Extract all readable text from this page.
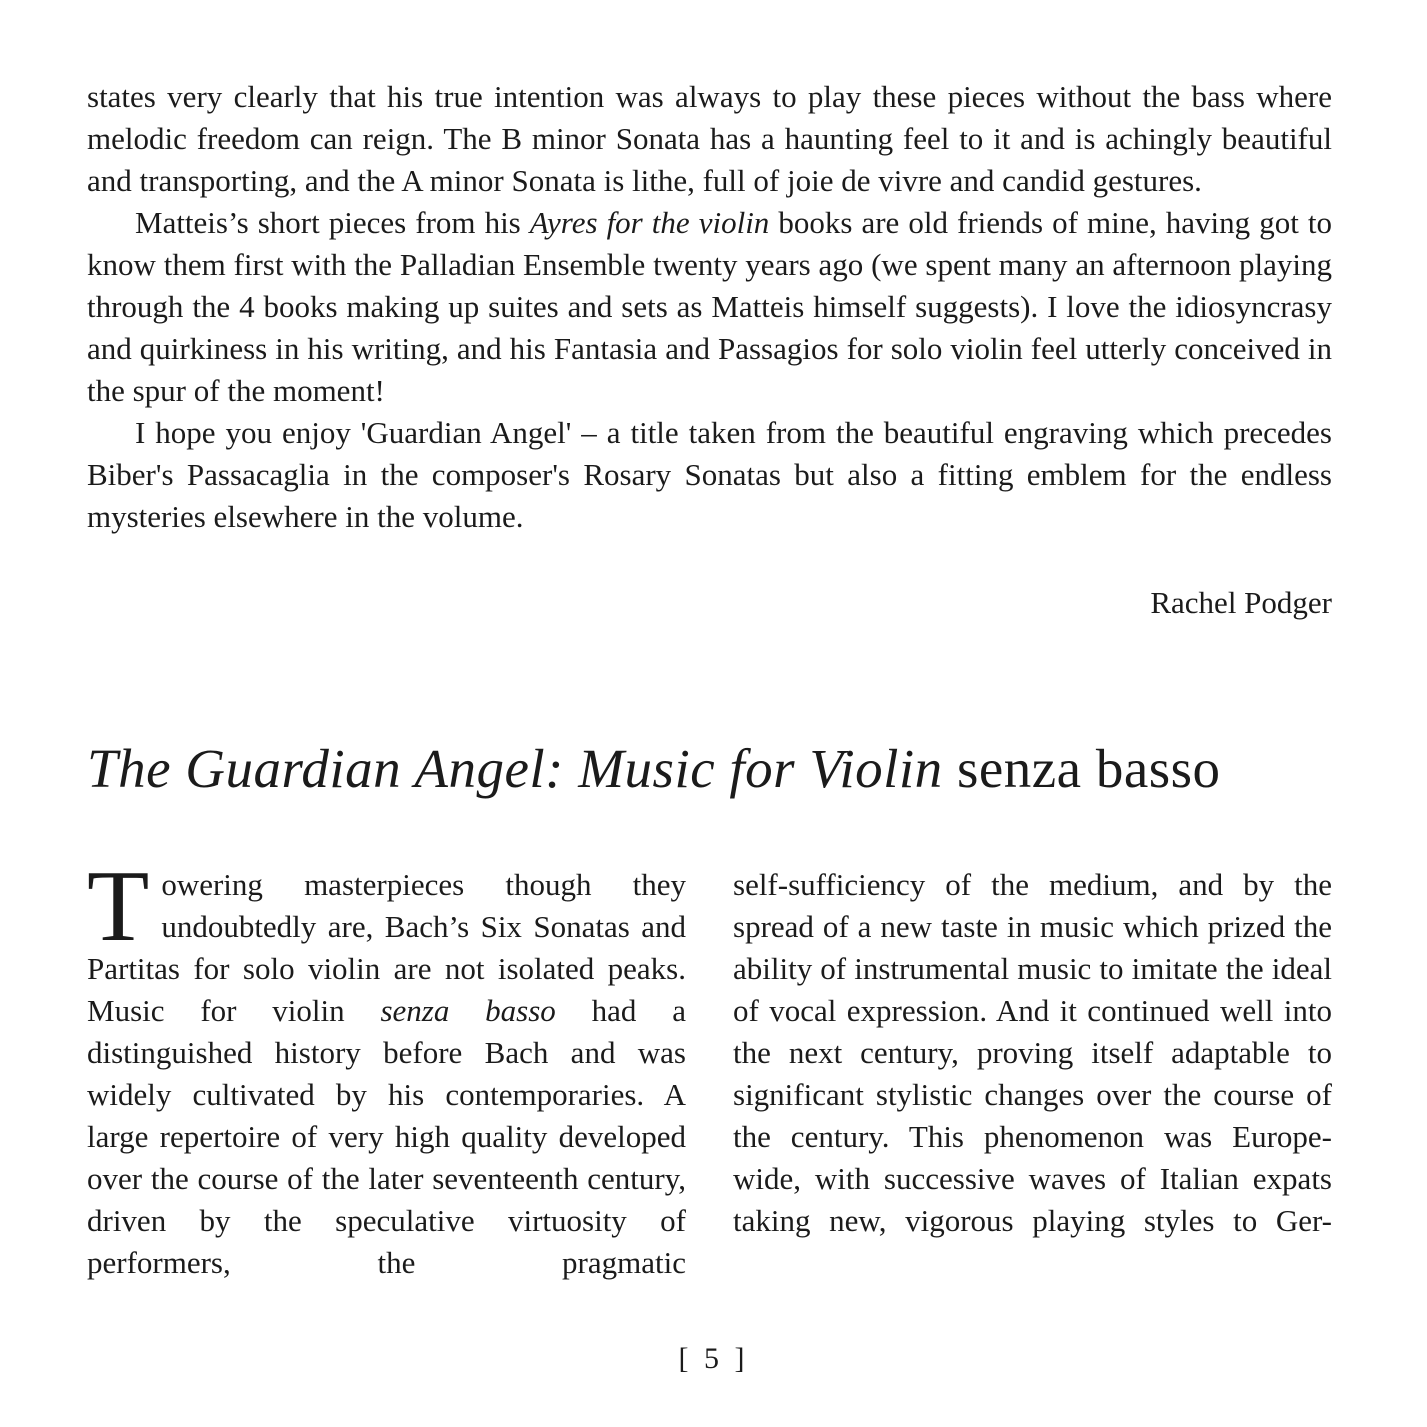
states very clearly that his true intention was always to play these pieces without the bass where melodic freedom can reign. The B minor Sonata has a haunting feel to it and is achingly beautiful and transporting, and the A minor Sonata is lithe, full of joie de vivre and candid gestures.

Matteis’s short pieces from his Ayres for the violin books are old friends of mine, having got to know them first with the Palladian Ensemble twenty years ago (we spent many an afternoon playing through the 4 books making up suites and sets as Matteis himself suggests). I love the idiosyncrasy and quirkiness in his writing, and his Fantasia and Passagios for solo violin feel utterly conceived in the spur of the moment!

I hope you enjoy 'Guardian Angel' – a title taken from the beautiful engraving which precedes Biber's Passacaglia in the composer's Rosary Sonatas but also a fitting emblem for the endless mysteries elsewhere in the volume.

Rachel Podger
The Guardian Angel: Music for Violin senza basso

Towering masterpieces though they undoubtedly are, Bach’s Six Sonatas and Partitas for solo violin are not isolated peaks. Music for violin senza basso had a distinguished history before Bach and was widely cultivated by his contemporaries. A large repertoire of very high quality developed over the course of the later seventeenth century, driven by the speculative virtuosity of performers, the pragmatic

self-sufficiency of the medium, and by the spread of a new taste in music which prized the ability of instrumental music to imitate the ideal of vocal expression. And it continued well into the next century, proving itself adaptable to significant stylistic changes over the course of the century. This phenomenon was Europe-wide, with successive waves of Italian expats taking new, vigorous playing styles to Ger-

[ 5 ]
